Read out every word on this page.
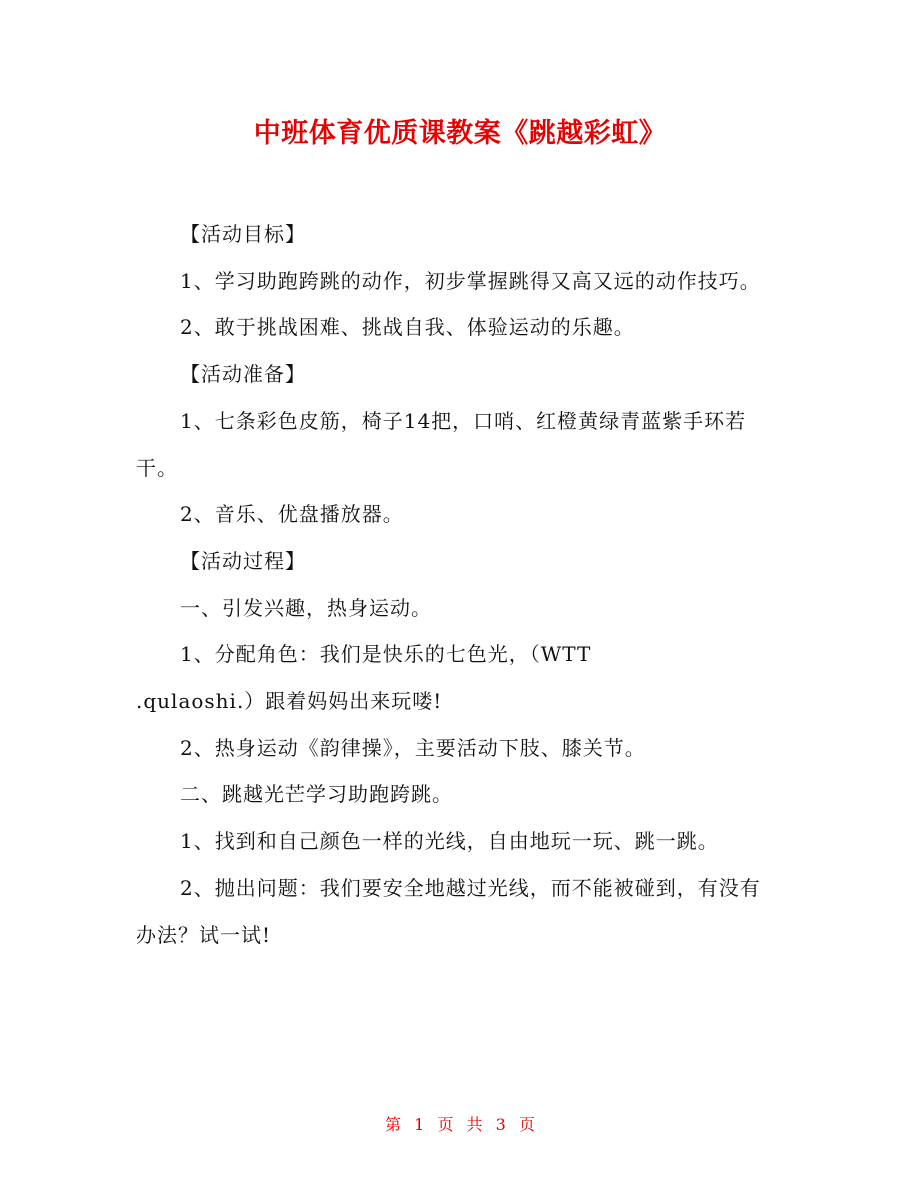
中班体育优质课教案《跳越彩虹》

【活动目标】

1、学习助跑跨跳的动作，初步掌握跳得又高又远的动作技巧。

2、敢于挑战困难、挑战自我、体验运动的乐趣。

【活动准备】

1、七条彩色皮筋，椅子14把，口哨、红橙黄绿青蓝紫手环若干。

2、音乐、优盘播放器。

【活动过程】

一、引发兴趣，热身运动。

1、分配角色：我们是快乐的七色光，（WTT

.qulaoshi.）跟着妈妈出来玩喽!

2、热身运动《韵律操》，主要活动下肢、膝关节。

二、跳越光芒学习助跑跨跳。

1、找到和自己颜色一样的光线，自由地玩一玩、跳一跳。

2、抛出问题：我们要安全地越过光线，而不能被碰到，有没有办法？试一试!

第 1 页 共 3 页
